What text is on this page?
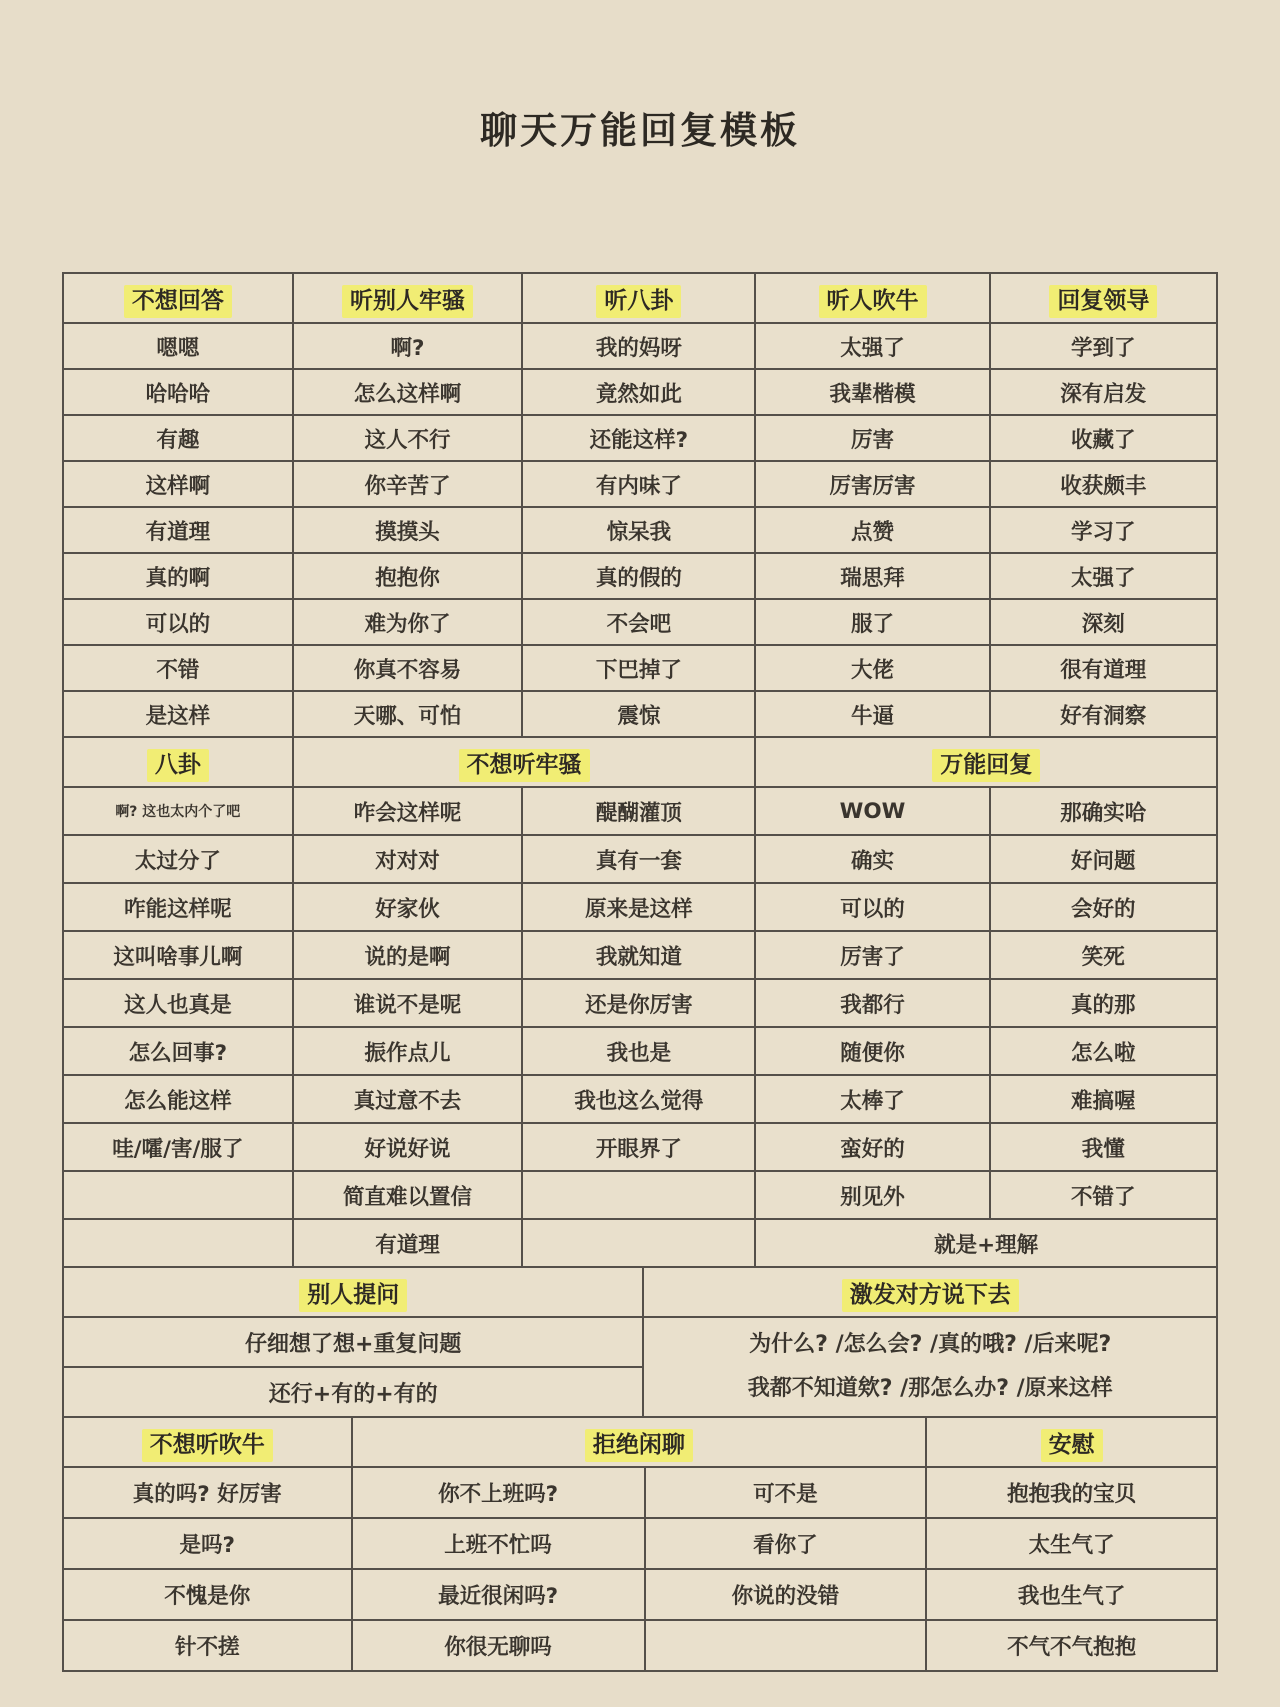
聊天万能回复模板
不想回答	听别人牢骚	听八卦	听人吹牛	回复领导
嗯嗯	啊?	我的妈呀	太强了	学到了
哈哈哈	怎么这样啊	竟然如此	我辈楷模	深有启发
有趣	这人不行	还能这样?	厉害	收藏了
这样啊	你辛苦了	有内味了	厉害厉害	收获颇丰
有道理	摸摸头	惊呆我	点赞	学习了
真的啊	抱抱你	真的假的	瑞思拜	太强了
可以的	难为你了	不会吧	服了	深刻
不错	你真不容易	下巴掉了	大佬	很有道理
是这样	天哪、可怕	震惊	牛逼	好有洞察
八卦	不想听牢骚		万能回复	
啊? 这也太内个了吧	咋会这样呢	醍醐灌顶	WOW	那确实哈
太过分了	对对对	真有一套	确实	好问题
咋能这样呢	好家伙	原来是这样	可以的	会好的
这叫啥事儿啊	说的是啊	我就知道	厉害了	笑死
这人也真是	谁说不是呢	还是你厉害	我都行	真的那
怎么回事?	振作点儿	我也是	随便你	怎么啦
怎么能这样	真过意不去	我也这么觉得	太棒了	难搞喔
哇/嚯/害/服了	好说好说	开眼界了	蛮好的	我懂
	简直难以置信		别见外	不错了
	有道理		就是+理解	
别人提问	激发对方说下去
仔细想了想+重复问题	为什么? /怎么会? /真的哦? /后来呢?
我都不知道欸? /那怎么办? /原来这样

还行+有的+有的	
不想听吹牛	拒绝闲聊		安慰
真的吗? 好厉害	你不上班吗?	可不是	抱抱我的宝贝
是吗?	上班不忙吗	看你了	太生气了
不愧是你	最近很闲吗?	你说的没错	我也生气了
针不搓	你很无聊吗		不气不气抱抱
